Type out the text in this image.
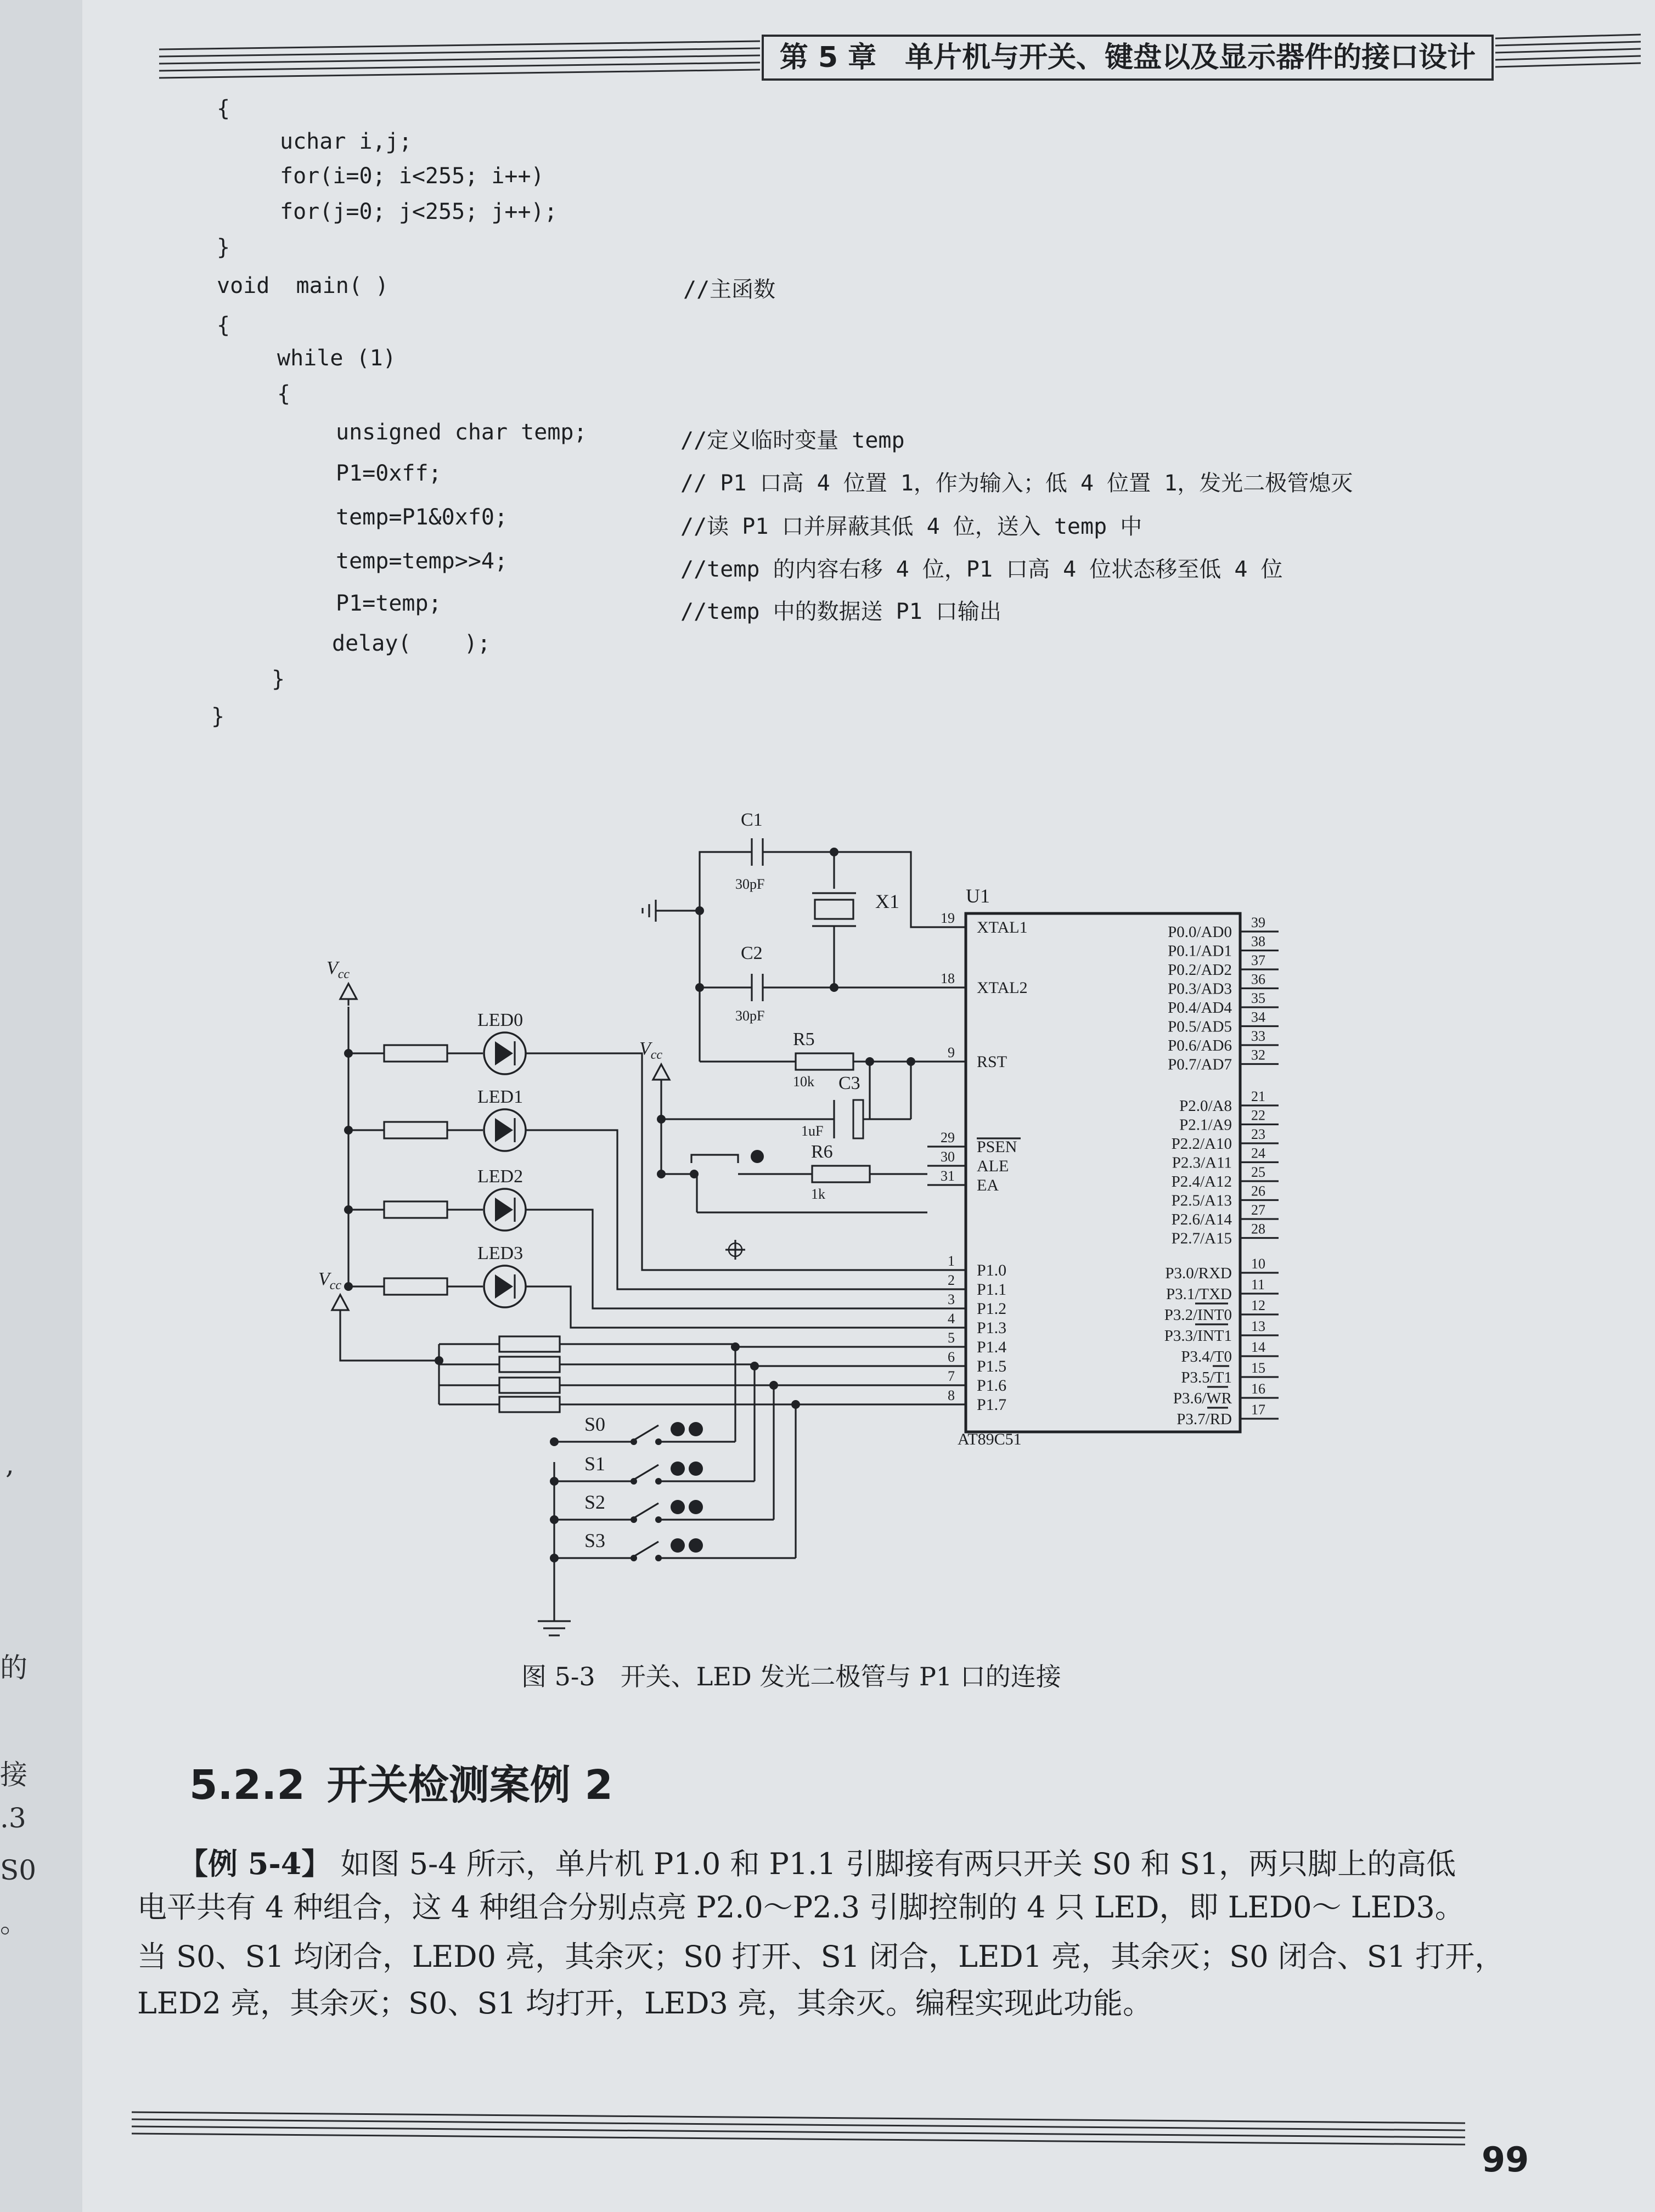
,
的
接
.3
S0
。
第 5 章　单片机与开关、键盘以及显示器件的接口设计
{
uchar i,j;
for(i=0; i<255; i++)
for(j=0; j<255; j++);
}
void  main( )
{
while (1)
{
unsigned char temp;
P1=0xff;
temp=P1&0xf0;
temp=temp>>4;
P1=temp;
delay(    );
}
}
//主函数
//定义临时变量 temp
// P1 口高 4 位置 1，作为输入；低 4 位置 1，发光二极管熄灭
//读 P1 口并屏蔽其低 4 位，送入 temp 中
//temp 的内容右移 4 位，P1 口高 4 位状态移至低 4 位
//temp 中的数据送 P1 口输出
U1
AT89C51
19
XTAL1
18
XTAL2
9
RST
29
PSEN
30
ALE
31
EA
1
P1.0
2
P1.1
3
P1.2
4
P1.3
5
P1.4
6
P1.5
7
P1.6
8
P1.7
39
P0.0/AD0
38
P0.1/AD1
37
P0.2/AD2
36
P0.3/AD3
35
P0.4/AD4
34
P0.5/AD5
33
P0.6/AD6
32
P0.7/AD7
21
P2.0/A8
22
P2.1/A9
23
P2.2/A10
24
P2.3/A11
25
P2.4/A12
26
P2.5/A13
27
P2.6/A14
28
P2.7/A15
10
P3.0/RXD
11
P3.1/TXD
12
P3.2/INT0
13
P3.3/INT1
14
P3.4/T0
15
P3.5/T1
16
P3.6/WR
17
P3.7/RD
C1
30pF
X1
C2
30pF
R5
10k C3
1uF
$V_{cc}$
R6
1k
$V_{cc}$
LED0
LED1
LED2
LED3
$V_{cc}$
S0
S1
S2
S3
图 5-3　开关、LED 发光二极管与 P1 口的连接
5.2.2 开关检测案例 2
【例 5-4】 如图 5-4 所示，单片机 P1.0 和 P1.1 引脚接有两只开关 S0 和 S1，两只脚上的高低
电平共有 4 种组合，这 4 种组合分别点亮 P2.0～P2.3 引脚控制的 4 只 LED，即 LED0～ LED3。
当 S0、S1 均闭合，LED0 亮，其余灭；S0 打开、S1 闭合，LED1 亮，其余灭；S0 闭合、S1 打开，
LED2 亮，其余灭；S0、S1 均打开，LED3 亮，其余灭。编程实现此功能。
99
